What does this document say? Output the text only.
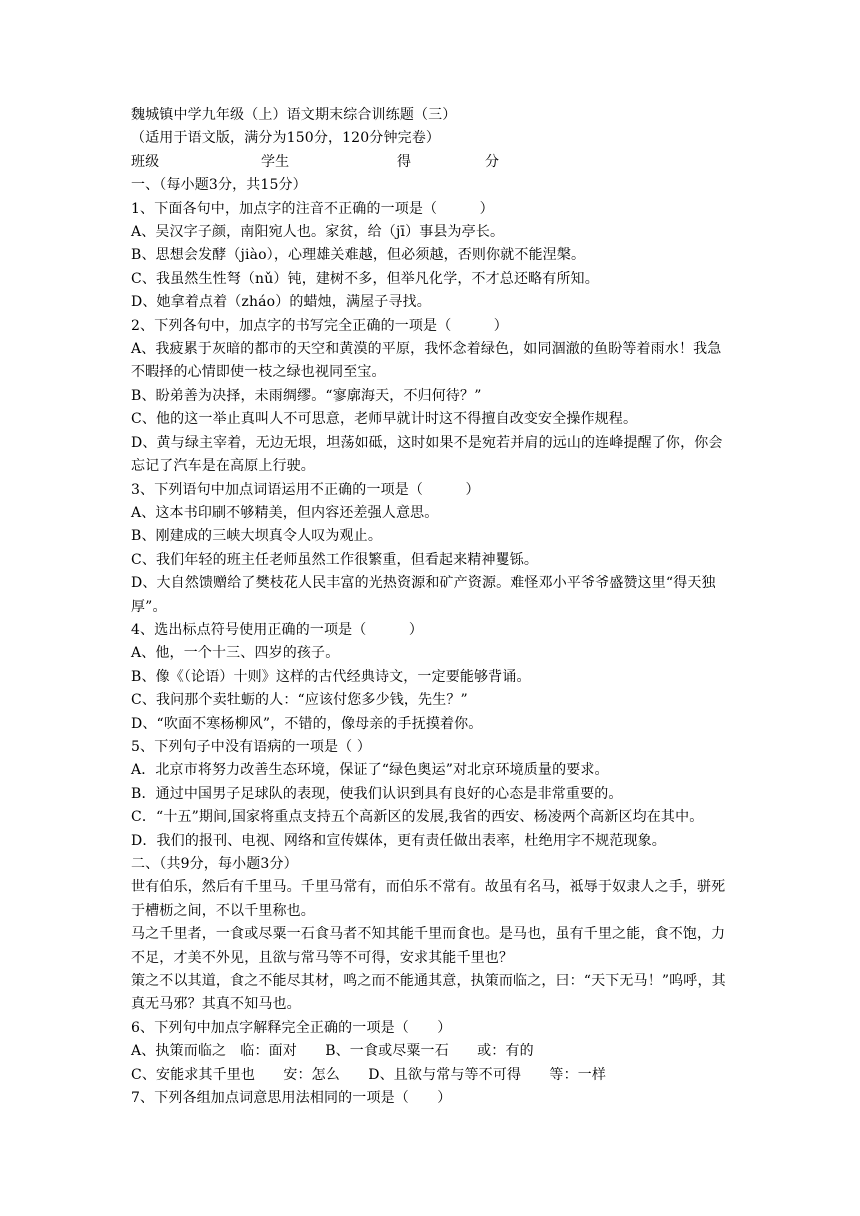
魏城镇中学九年级（上）语文期末综合训练题（三）
（适用于语文版，满分为150分，120分钟完卷）
班级	学生	得	分
一、（每小题3分，共15分）
1、下面各句中，加点字的注音不正确的一项是（　　　）
A、吴汉字子颜，南阳宛人也。家贫，给（jī）事县为亭长。
B、思想会发酵（jiào），心理雄关难越，但必须越，否则你就不能涅槃。
C、我虽然生性弩（nǔ）钝，建树不多，但举凡化学，不才总还略有所知。
D、她拿着点着（zháo）的蜡烛，满屋子寻找。
2、下列各句中，加点字的书写完全正确的一项是（　　　）
A、我疲累于灰暗的都市的天空和黄漠的平原，我怀念着绿色，如同涸澈的鱼盼等着雨水！我急不暇择的心情即使一枝之绿也视同至宝。
B、盼弟善为决择，未雨绸缪。“寥廓海天，不归何待？”
C、他的这一举止真叫人不可思意，老师早就计时这不得擅自改变安全操作规程。
D、黄与绿主宰着，无边无垠，坦荡如砥，这时如果不是宛若并肩的远山的连峰提醒了你，你会忘记了汽车是在高原上行驶。
3、下列语句中加点词语运用不正确的一项是（　　　）
A、这本书印刷不够精美，但内容还差强人意思。
B、刚建成的三峡大坝真令人叹为观止。
C、我们年轻的班主任老师虽然工作很繁重，但看起来精神矍铄。
D、大自然馈赠给了樊枝花人民丰富的光热资源和矿产资源。难怪邓小平爷爷盛赞这里“得天独厚”。
4、选出标点符号使用正确的一项是（　　　）
A、他，一个十三、四岁的孩子。
B、像《（论语）十则》这样的古代经典诗文，一定要能够背诵。
C、我问那个卖牡蛎的人：“应该付您多少钱，先生？”
D、“吹面不寒杨柳风”，不错的，像母亲的手抚摸着你。
5、下列句子中没有语病的一项是（ ）
A．北京市将努力改善生态环境，保证了“绿色奥运”对北京环境质量的要求。
B．通过中国男子足球队的表现，使我们认识到具有良好的心态是非常重要的。
C．“十五”期间,国家将重点支持五个高新区的发展,我省的西安、杨凌两个高新区均在其中。
D．我们的报刊、电视、网络和宣传媒体，更有责任做出表率，杜绝用字不规范现象。
二、（共9分，每小题3分）
世有伯乐，然后有千里马。千里马常有，而伯乐不常有。故虽有名马，祗辱于奴隶人之手，骈死于槽枥之间，不以千里称也。
马之千里者，一食或尽粟一石食马者不知其能千里而食也。是马也，虽有千里之能，食不饱，力不足，才美不外见，且欲与常马等不可得，安求其能千里也？
策之不以其道，食之不能尽其材，鸣之而不能通其意，执策而临之，曰：“天下无马！”呜呼，其真无马邪？其真不知马也。
6、下列句中加点字解释完全正确的一项是（　　）
A、执策而临之　临：面对　　B、一食或尽粟一石　　或：有的
C、安能求其千里也　　安：怎么　　D、且欲与常与等不可得　　等：一样
7、下列各组加点词意思用法相同的一项是（　　）
